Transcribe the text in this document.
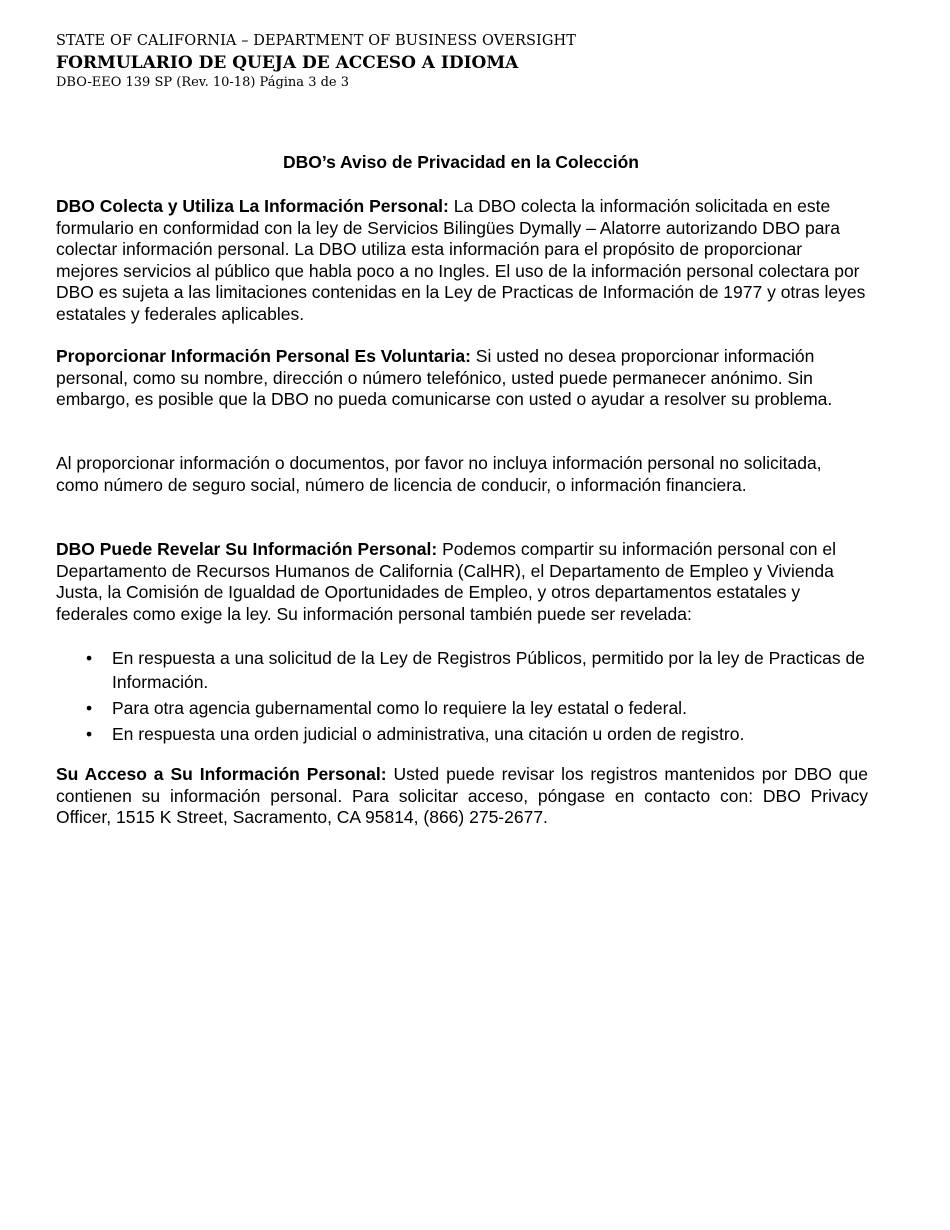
STATE OF CALIFORNIA – DEPARTMENT OF BUSINESS OVERSIGHT
FORMULARIO DE QUEJA DE ACCESO A IDIOMA
DBO-EEO 139 SP (Rev. 10-18) Página 3 de 3
DBO’s Aviso de Privacidad en la Colección
DBO Colecta y Utiliza La Información Personal: La DBO colecta la información solicitada en este formulario en conformidad con la ley de Servicios Bilingües Dymally – Alatorre autorizando DBO para colectar información personal. La DBO utiliza esta información para el propósito de proporcionar mejores servicios al público que habla poco a no Ingles. El uso de la información personal colectara por DBO es sujeta a las limitaciones contenidas en la Ley de Practicas de Información de 1977 y otras leyes estatales y federales aplicables.
Proporcionar Información Personal Es Voluntaria: Si usted no desea proporcionar información personal, como su nombre, dirección o número telefónico, usted puede permanecer anónimo. Sin embargo, es posible que la DBO no pueda comunicarse con usted o ayudar a resolver su problema.
Al proporcionar información o documentos, por favor no incluya información personal no solicitada, como número de seguro social, número de licencia de conducir, o información financiera.
DBO Puede Revelar Su Información Personal: Podemos compartir su información personal con el Departamento de Recursos Humanos de California (CalHR), el Departamento de Empleo y Vivienda Justa, la Comisión de Igualdad de Oportunidades de Empleo, y otros departamentos estatales y federales como exige la ley. Su información personal también puede ser revelada:
• En respuesta a una solicitud de la Ley de Registros Públicos, permitido por la ley de Practicas de Información.
• Para otra agencia gubernamental como lo requiere la ley estatal o federal.
• En respuesta una orden judicial o administrativa, una citación u orden de registro.
Su Acceso a Su Información Personal: Usted puede revisar los registros mantenidos por DBO que contienen su información personal. Para solicitar acceso, póngase en contacto con: DBO Privacy Officer, 1515 K Street, Sacramento, CA 95814, (866) 275-2677.
